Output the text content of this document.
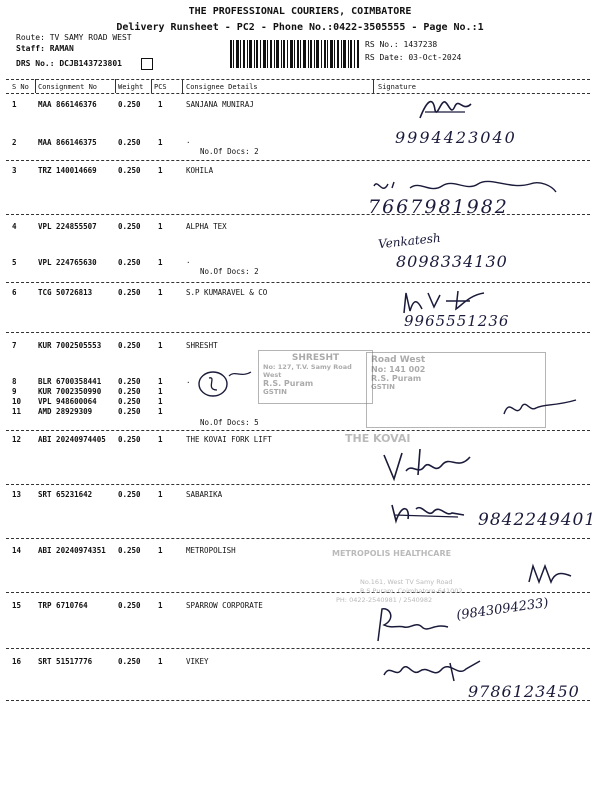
THE PROFESSIONAL COURIERS, COIMBATORE
Delivery Runsheet - PC2 - Phone No.:0422-3505555 - Page No.:1
Route: TV SAMY ROAD WEST
Staff: RAMAN
DRS No.: DCJB143723801
RS No.: 1437238
RS Date: 03-Oct-2024
S No Consignment No	Weight PCS	Consignee Details	Signature
1	MAA 866146376	0.250 1	SANJANA MUNIRAJ
2	MAA 866146375	0.250 1	.
No.Of Docs: 2
3	TRZ 140014669	0.250 1	KOHILA
4	VPL 224855507	0.250 1	ALPHA TEX
5	VPL 224765630	0.250 1	.
No.Of Docs: 2
6	TCG 50726813	0.250 1	S.P KUMARAVEL & CO
7	KUR 7002505553 0.250 1	SHRESHT
8	BLR 6700358441 0.250 1	.
9	KUR 7002350990 0.250 1
10 VPL 948600064	0.250 1
11 AMD 28929309	0.250 1
No.Of Docs: 5
12 ABI 20240974405 0.250 1	THE KOVAI FORK LIFT
13 SRT 65231642	0.250 1	SABARIKA
14 ABI 20240974351 0.250 1	METROPOLISH
15 TRP 6710764	0.250 1	SPARROW CORPORATE
16 SRT 51517776	0.250 1	VIKEY
SHRESHT
No: 127, T.V. Samy Road West
R.S. Puram
GSTIN
Road West
No: 141 002
R.S. Puram
GSTIN
THE KOVAI
METROPOLIS HEALTHCARE
No.161, West TV Samy Road
R.S.Puram, Coimbatore-641002
PH: 0422-2540981 / 2540982
9994423040
7667981982
Venkatesh
8098334130
9965551236
9842249401
(9843094233)
9786123450
